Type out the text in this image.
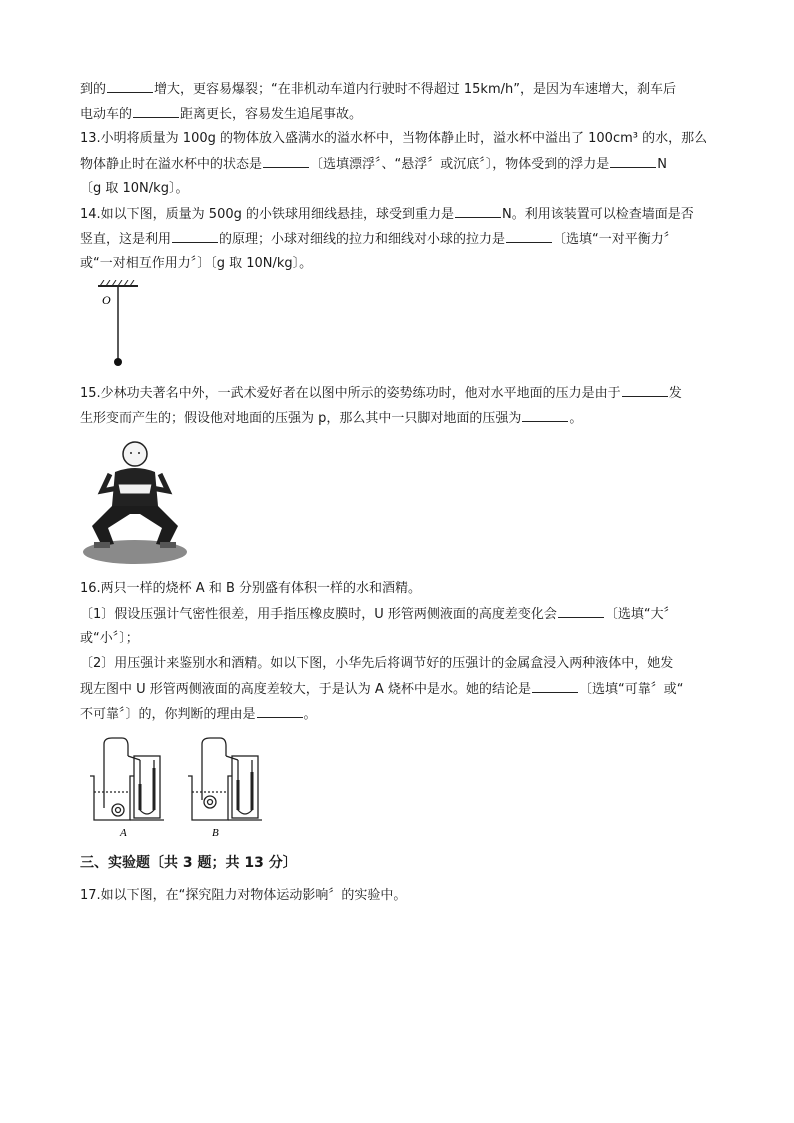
到的	增大，更容易爆裂；“在非机动车道内行驶时不得超过 15km/h”，是因为车速增大，刹车后
电动车的	距离更长，容易发生追尾事故。
13.小明将质量为 100g 的物体放入盛满水的溢水杯中，当物体静止时，溢水杯中溢出了 100cm³ 的水，那么
物体静止时在溢水杯中的状态是	〔选填漂浮〞、“悬浮〞或沉底〞〕，物体受到的浮力是	N
〔g 取 10N/kg〕。
14.如以下图，质量为 500g 的小铁球用细线悬挂，球受到重力是	N。利用该装置可以检查墙面是否
竖直，这是利用	的原理；小球对细线的拉力和细线对小球的拉力是	〔选填“一对平衡力〞
或“一对相互作用力〞〕〔g 取 10N/kg〕。
O
15.少林功夫著名中外，一武术爱好者在以图中所示的姿势练功时，他对水平地面的压力是由于	发
生形变而产生的；假设他对地面的压强为 p，那么其中一只脚对地面的压强为	。
16.两只一样的烧杯 A 和 B 分别盛有体积一样的水和酒精。
〔1〕假设压强计气密性很差，用手指压橡皮膜时，U 形管两侧液面的高度差变化会	〔选填“大〞
或“小〞〕；
〔2〕用压强计来鉴别水和酒精。如以下图，小华先后将调节好的压强计的金属盒浸入两种液体中，她发
现左图中 U 形管两侧液面的高度差较大，于是认为 A 烧杯中是水。她的结论是	〔选填“可靠〞或“
不可靠〞〕的，你判断的理由是	。
A	B
三、实验题〔共 3 题；共 13 分〕
17.如以下图，在“探究阻力对物体运动影响〞的实验中。
